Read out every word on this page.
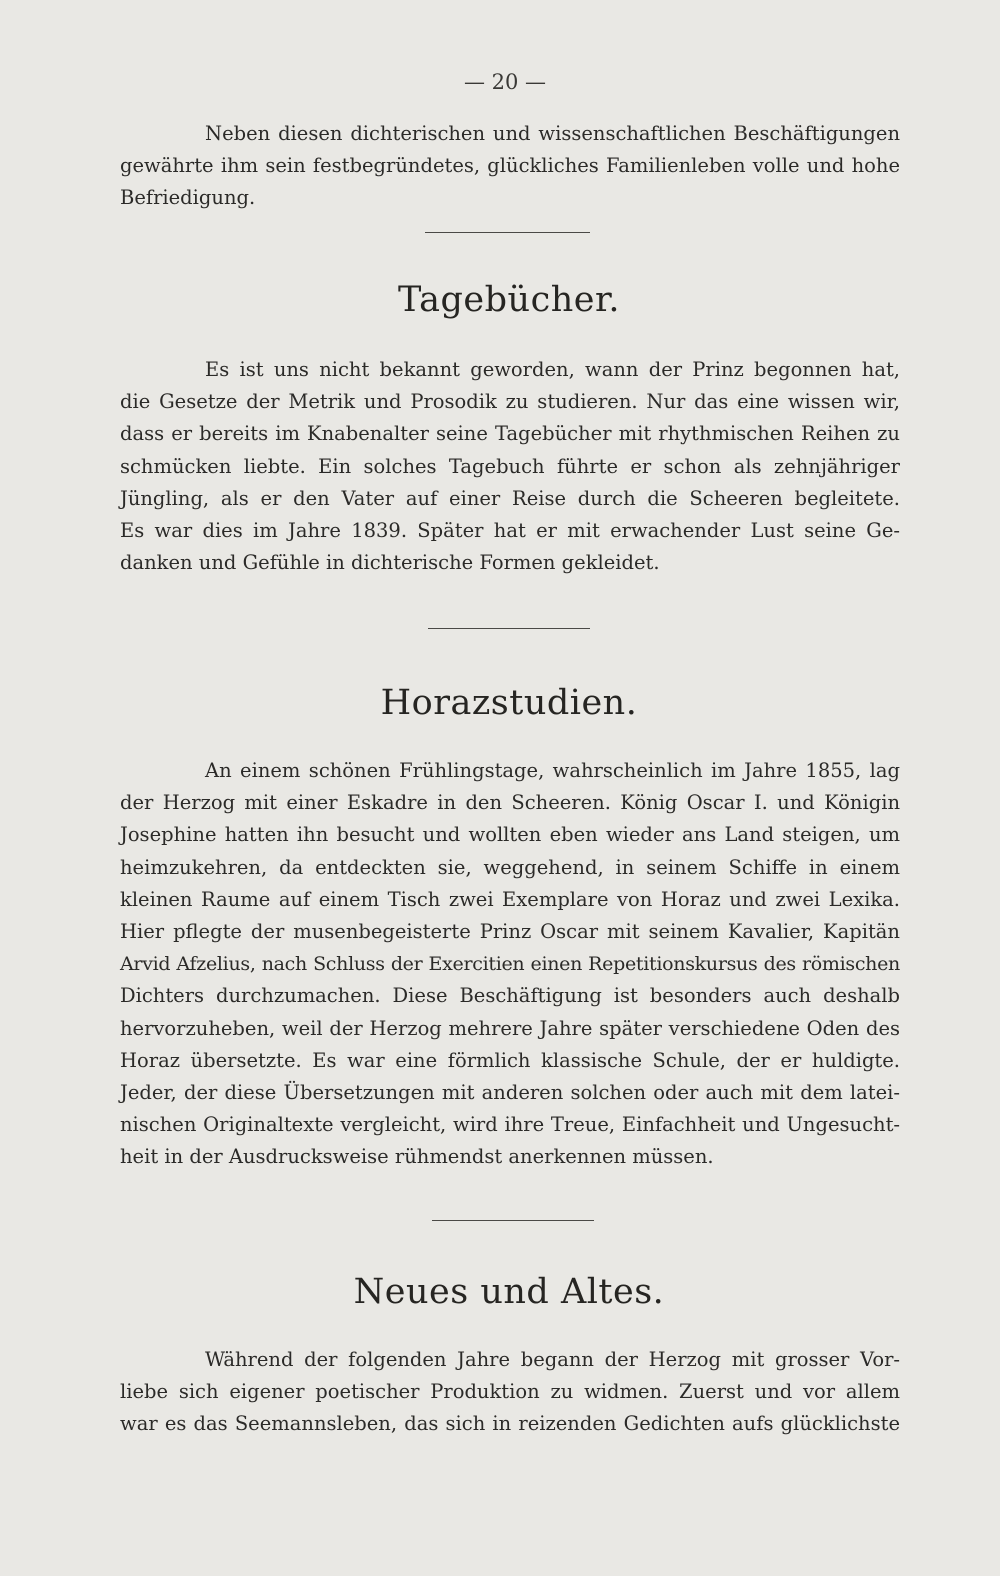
— 20 —
Neben diesen dichterischen und wissenschaftlichen Beschäftigungen
gewährte ihm sein festbegründetes, glückliches Familienleben volle und hohe
Befriedigung.
Tagebücher.
Es ist uns nicht bekannt geworden, wann der Prinz begonnen hat,
die Gesetze der Metrik und Prosodik zu studieren. Nur das eine wissen wir,
dass er bereits im Knabenalter seine Tagebücher mit rhythmischen Reihen zu
schmücken liebte. Ein solches Tagebuch führte er schon als zehnjähriger
Jüngling, als er den Vater auf einer Reise durch die Scheeren begleitete.
Es war dies im Jahre 1839. Später hat er mit erwachender Lust seine Ge-
danken und Gefühle in dichterische Formen gekleidet.
Horazstudien.
An einem schönen Frühlingstage, wahrscheinlich im Jahre 1855, lag
der Herzog mit einer Eskadre in den Scheeren. König Oscar I. und Königin
Josephine hatten ihn besucht und wollten eben wieder ans Land steigen, um
heimzukehren, da entdeckten sie, weggehend, in seinem Schiffe in einem
kleinen Raume auf einem Tisch zwei Exemplare von Horaz und zwei Lexika.
Hier pflegte der musenbegeisterte Prinz Oscar mit seinem Kavalier, Kapitän
Arvid Afzelius, nach Schluss der Exercitien einen Repetitionskursus des römischen
Dichters durchzumachen. Diese Beschäftigung ist besonders auch deshalb
hervorzuheben, weil der Herzog mehrere Jahre später verschiedene Oden des
Horaz übersetzte. Es war eine förmlich klassische Schule, der er huldigte.
Jeder, der diese Übersetzungen mit anderen solchen oder auch mit dem latei-
nischen Originaltexte vergleicht, wird ihre Treue, Einfachheit und Ungesucht-
heit in der Ausdrucksweise rühmendst anerkennen müssen.
Neues und Altes.
Während der folgenden Jahre begann der Herzog mit grosser Vor-
liebe sich eigener poetischer Produktion zu widmen. Zuerst und vor allem
war es das Seemannsleben, das sich in reizenden Gedichten aufs glücklichste
